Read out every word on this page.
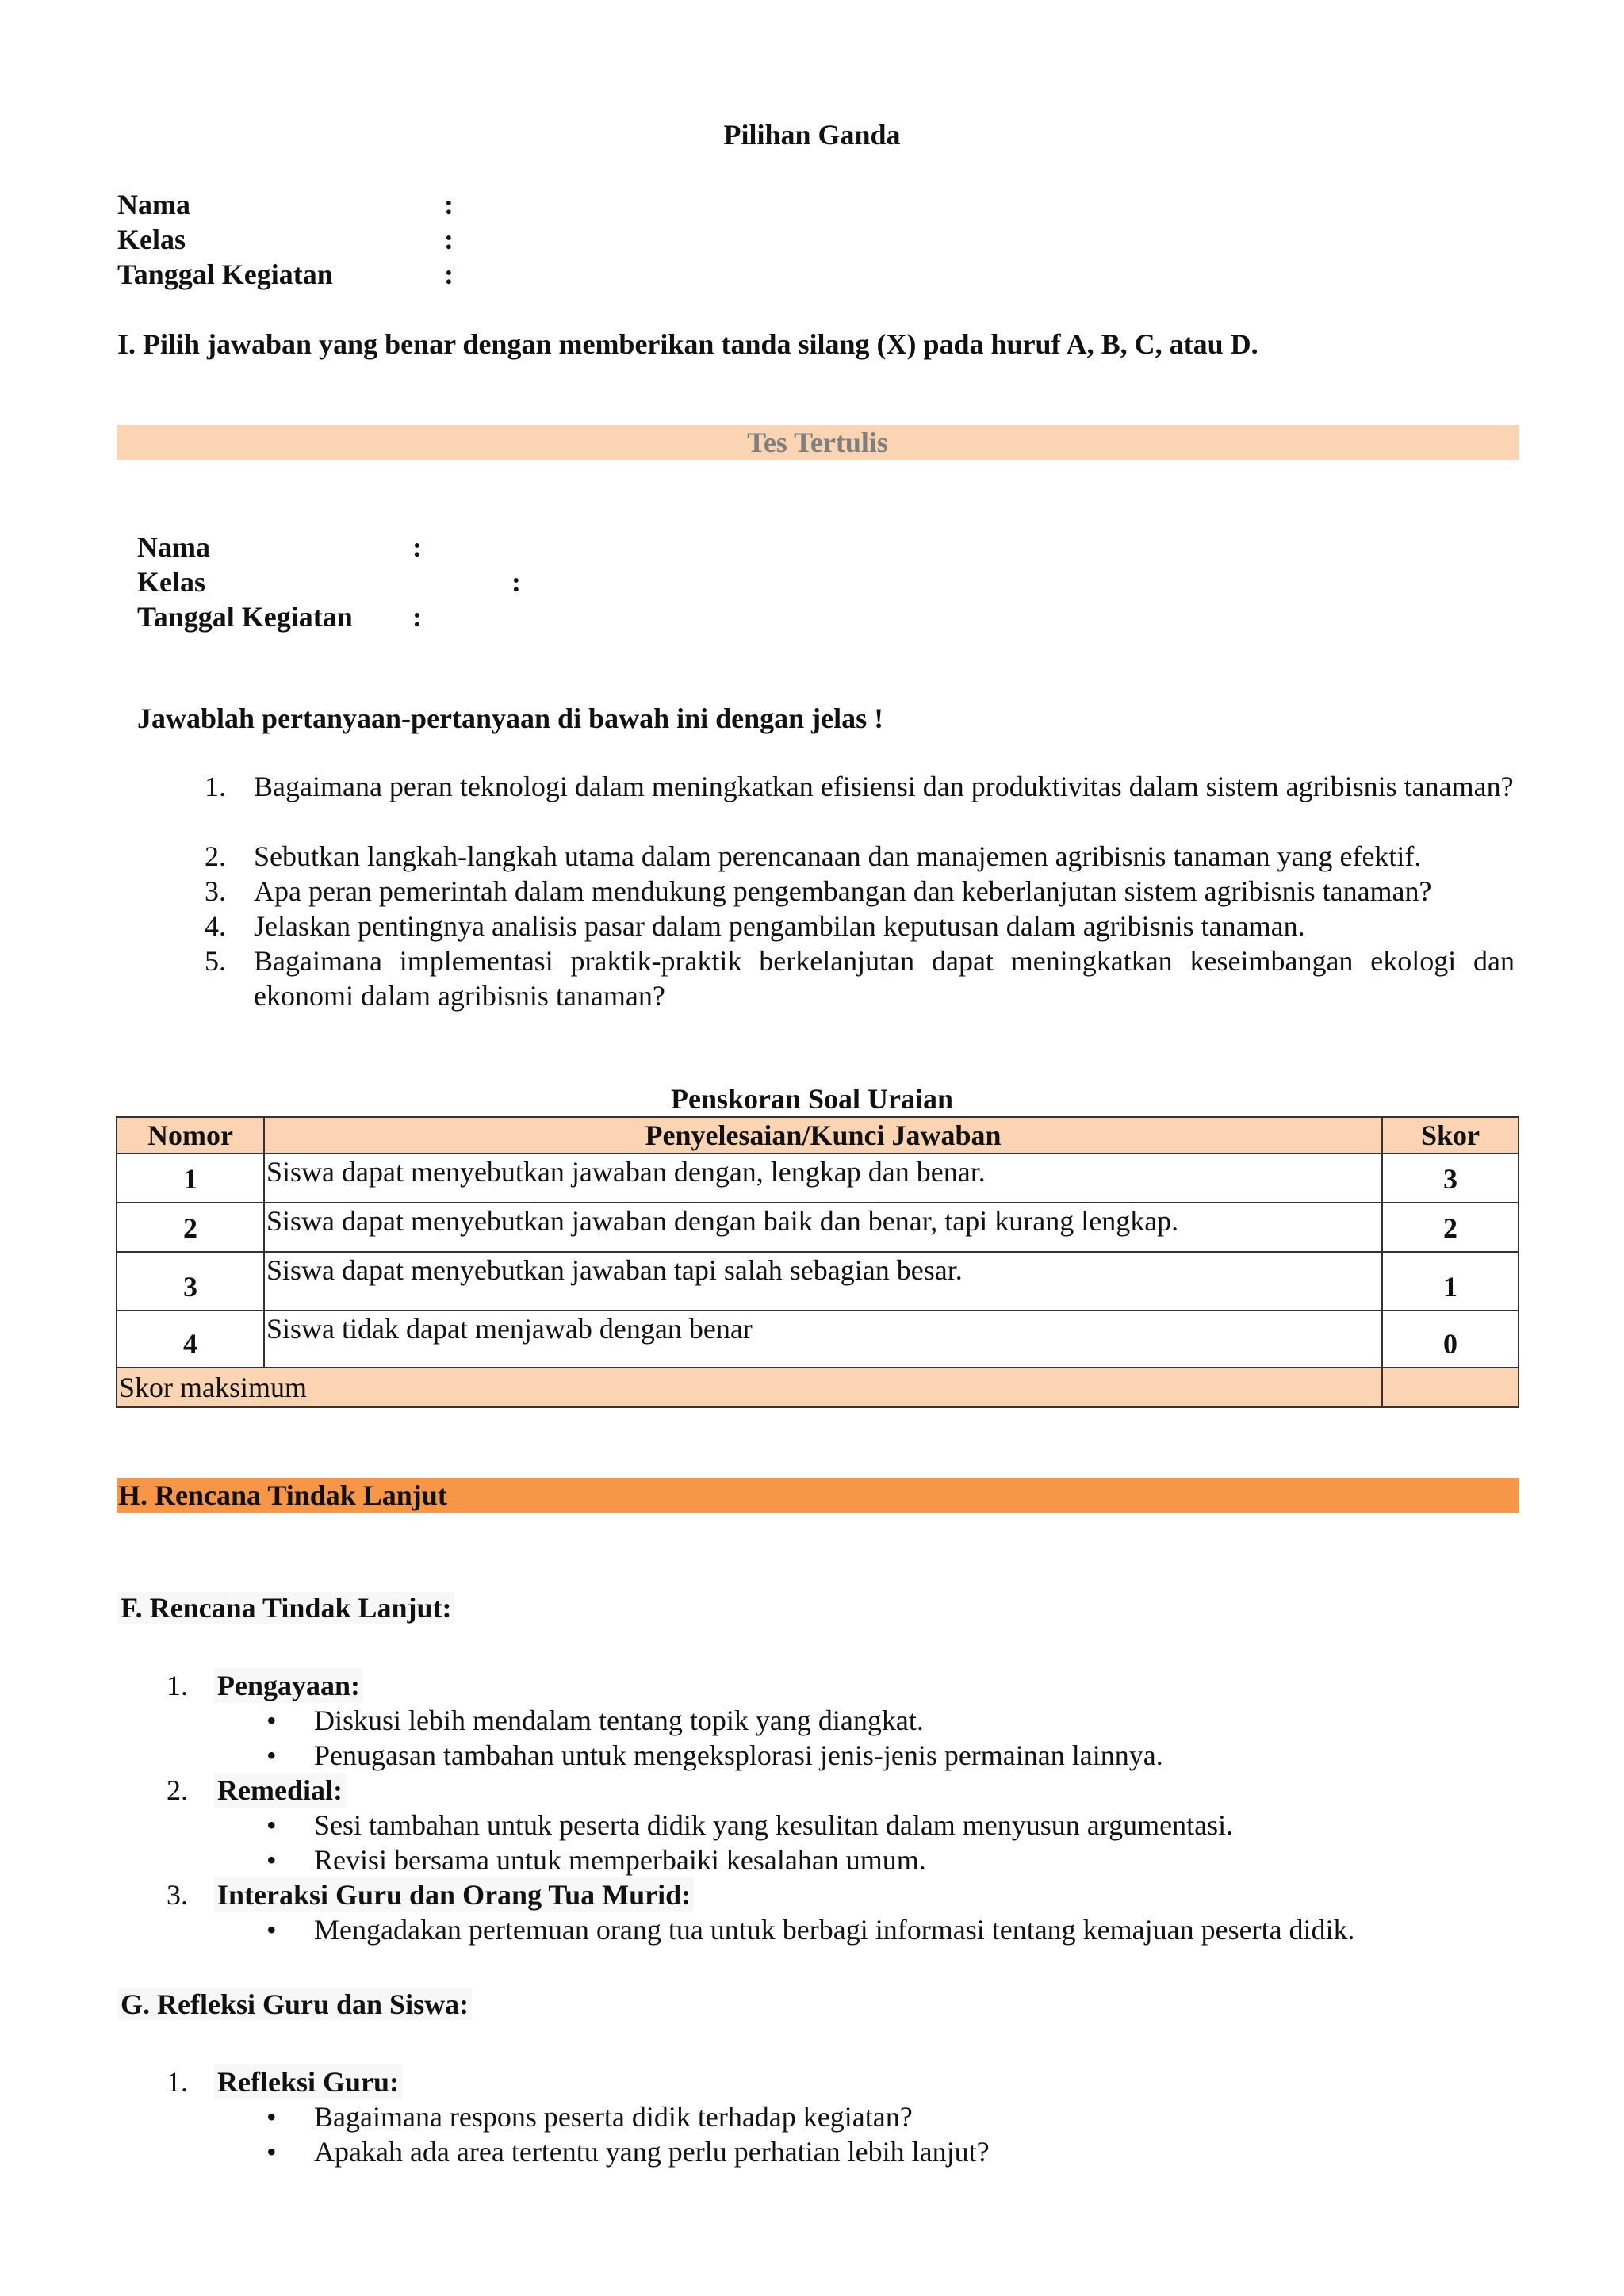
Pilihan Ganda
Nama	:
Kelas	:
Tanggal Kegiatan	:
I. Pilih jawaban yang benar dengan memberikan tanda silang (X) pada huruf A, B, C, atau D.
Tes Tertulis
Nama	:
Kelas	:
Tanggal Kegiatan :
Jawablah pertanyaan-pertanyaan di bawah ini dengan jelas !
1. Bagaimana peran teknologi dalam meningkatkan efisiensi dan produktivitas dalam sistem agribisnis tanaman?
2. Sebutkan langkah-langkah utama dalam perencanaan dan manajemen agribisnis tanaman yang efektif.
3. Apa peran pemerintah dalam mendukung pengembangan dan keberlanjutan sistem agribisnis tanaman?
4. Jelaskan pentingnya analisis pasar dalam pengambilan keputusan dalam agribisnis tanaman.
5. Bagaimana implementasi praktik-praktik berkelanjutan dapat meningkatkan keseimbangan ekologi dan ekonomi dalam agribisnis tanaman?
Penskoran Soal Uraian
Nomor	Penyelesaian/Kunci Jawaban	Skor
1	Siswa dapat menyebutkan jawaban dengan, lengkap dan benar.	3
2	Siswa dapat menyebutkan jawaban dengan baik dan benar, tapi kurang lengkap.	2
3	Siswa dapat menyebutkan jawaban tapi salah sebagian besar.	1
4	Siswa tidak dapat menjawab dengan benar	0
Skor maksimum		
H. Rencana Tindak Lanjut
F. Rencana Tindak Lanjut:
1. Pengayaan:
• Diskusi lebih mendalam tentang topik yang diangkat.
• Penugasan tambahan untuk mengeksplorasi jenis-jenis permainan lainnya.
2. Remedial:
• Sesi tambahan untuk peserta didik yang kesulitan dalam menyusun argumentasi.
• Revisi bersama untuk memperbaiki kesalahan umum.
3. Interaksi Guru dan Orang Tua Murid:
• Mengadakan pertemuan orang tua untuk berbagi informasi tentang kemajuan peserta didik.
G. Refleksi Guru dan Siswa:
1. Refleksi Guru:
• Bagaimana respons peserta didik terhadap kegiatan?
• Apakah ada area tertentu yang perlu perhatian lebih lanjut?
